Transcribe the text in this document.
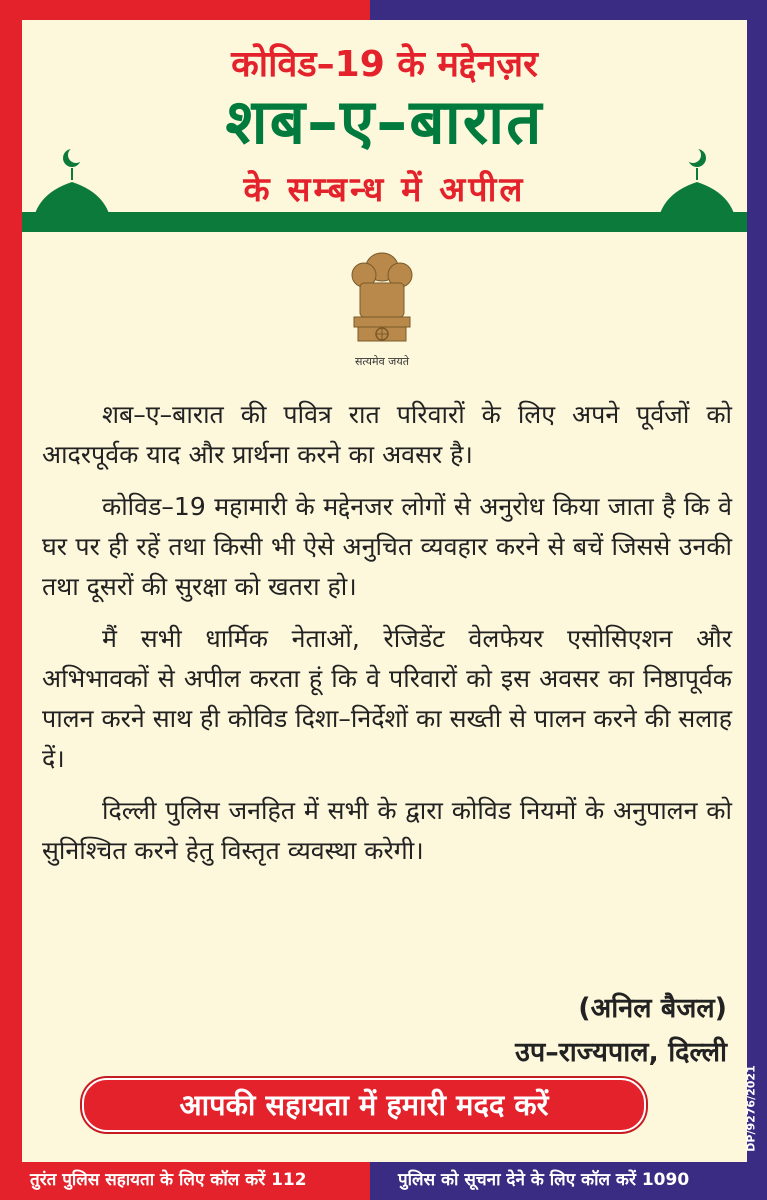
कोविड–19 के मद्देनज़र
शब–ए–बारात
के सम्बन्ध में अपील
सत्यमेव जयते

शब–ए–बारात की पवित्र रात परिवारों के लिए अपने पूर्वजों को आदरपूर्वक याद और प्रार्थना करने का अवसर है।

कोविड–19 महामारी के मद्देनजर लोगों से अनुरोध किया जाता है कि वे घर पर ही रहें तथा किसी भी ऐसे अनुचित व्यवहार करने से बचें जिससे उनकी तथा दूसरों की सुरक्षा को खतरा हो।

मैं सभी धार्मिक नेताओं, रेजिडेंट वेलफेयर एसोसिएशन और अभिभावकों से अपील करता हूं कि वे परिवारों को इस अवसर का निष्ठापूर्वक पालन करने साथ ही कोविड दिशा–निर्देशों का सख्ती से पालन करने की सलाह दें।

दिल्ली पुलिस जनहित में सभी के द्वारा कोविड नियमों के अनुपालन को सुनिश्चित करने हेतु विस्तृत व्यवस्था करेगी।

(अनिल बैजल)
उप–राज्यपाल, दिल्ली
आपकी सहायता में हमारी मदद करें	DP/9276/2021
तुरंत पुलिस सहायता के लिए कॉल करें 112	पुलिस को सूचना देने के लिए कॉल करें 1090
